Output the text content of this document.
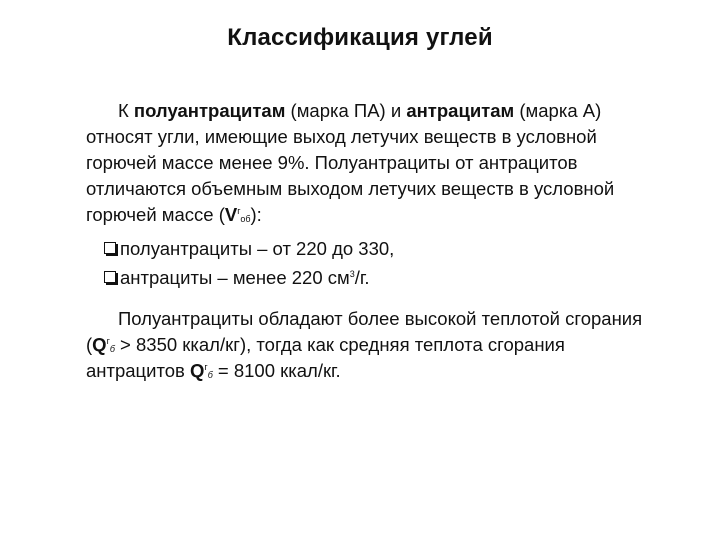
Классификация углей
К полуантрацитам (марка ПА) и антрацитам (марка А) относят угли, имеющие выход летучих веществ в условной горючей массе менее 9%. Полуантрациты от антрацитов отличаются объемным выходом летучих веществ в условной горючей массе $(V^гоб)$:
полуантрациты – от 220 до 330,
антрациты – менее 220 $см^3/г$.
Полуантрациты обладают более высокой теплотой сгорания ($Q^гб > 8350$ ккал/кг), тогда как средняя теплота сгорания антрацитов $Q^гб = 8100$ ккал/кг.
